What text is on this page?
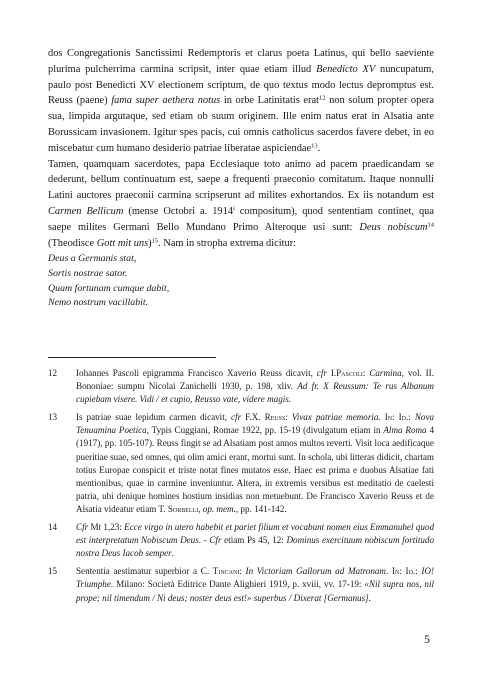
dos Congregationis Sanctissimi Redemptoris et clarus poeta Latinus, qui bello saeviente plurima pulcherrima carmina scripsit, inter quae etiam illud Benedicto XV nuncupatum, paulo post Benedicti XV electionem scriptum, de quo textus modo lectus depromptus est. Reuss (paene) fama super aethera notus in orbe Latinitatis erat$^{12}$ non solum propter opera sua, limpida argutaque, sed etiam ob suum originem. Ille enim natus erat in Alsatia ante Borussicam invasionem. Igitur spes pacis, cui omnis catholicus sacerdos favere debet, in eo miscebatur cum humano desiderio patriae liberatae aspiciendae$^{13}$.

Tamen, quamquam sacerdotes, papa Ecclesiaque toto animo ad pacem praedicandam se dederunt, bellum continuatum est, saepe a frequenti praeconio comitatum. Itaque nonnulli Latini auctores praeconii carmina scripserunt ad milites exhortandos. Ex iis notandum est Carmen Bellicum (mense Octobri a. 1914$^i$ compositum), quod sententiam continet, qua saepe milites Germani Bello Mundano Primo Alteroque usi sunt: Deus nobiscum$^{14}$ (Theodisce Gott mit uns)$^{15}$. Nam in stropha extrema dicitur:

Deus a Germanis stat,
Sortis nostrae sator.
Quam fortunam cumque dabit,
Nemo nostrum vacillabit.
12	Iohannes Pascoli epigramma Francisco Xaverio Reuss dicavit, cfr I.Pascoli: Carmina, vol. II. Bononiae: sumptu Nicolai Zanichelli 1930, p. 198, xliv. Ad fr. X Reussum: Te rus Albanum cupiebam visere. Vidi / et cupio, Reusso vate, videre magis.
13	Is patriae suae lepidum carmen dicavit, cfr F.X. Reuss: Vivax patriae memoria. In: Id.: Nova Tenuamina Poetica, Typis Cuggiani, Romae 1922, pp. 15-19 (divulgatum etiam in Alma Roma 4 (1917), pp. 105-107). Reuss fingit se ad Alsatiam post annos multos reverti. Visit loca aedificaque pueritiae suae, sed omnes, qui olim amici erant, mortui sunt. In schola, ubi litteras didicit, chartam totius Europae conspicit et triste notat fines mutatos esse. Haec est prima e duobus Alsatiae fati mentionibus, quae in carmine inveniuntur. Altera, in extremis versibus est meditatio de caelesti patria, ubi denique homines hostium insidias non metuebunt. De Francisco Xaverio Reuss et de Alsatia videatur etiam T. Sorbelli, op. mem., pp. 141-142.
14	Cfr Mt 1,23: Ecce virgo in utero habebit et pariet filium et vocabunt nomen eius Emmanuhel quod est interpretatum Nobiscum Deus. - Cfr etiam Ps 45, 12: Dominus exercituum nobiscum fortitudo nostra Deus Iacob semper.
15	Sententia aestimatur superbior a C. Tincani: In Victoriam Gallorum ad Matronam. In: Id.: IO! Triumphe. Milano: Società Editrice Dante Alighieri 1919, p. xviii, vv. 17-19: «Nil supra nos, nil prope; nil timendum / Ni deus; noster deus est!» superbus / Dixerat [Germanus].
5
